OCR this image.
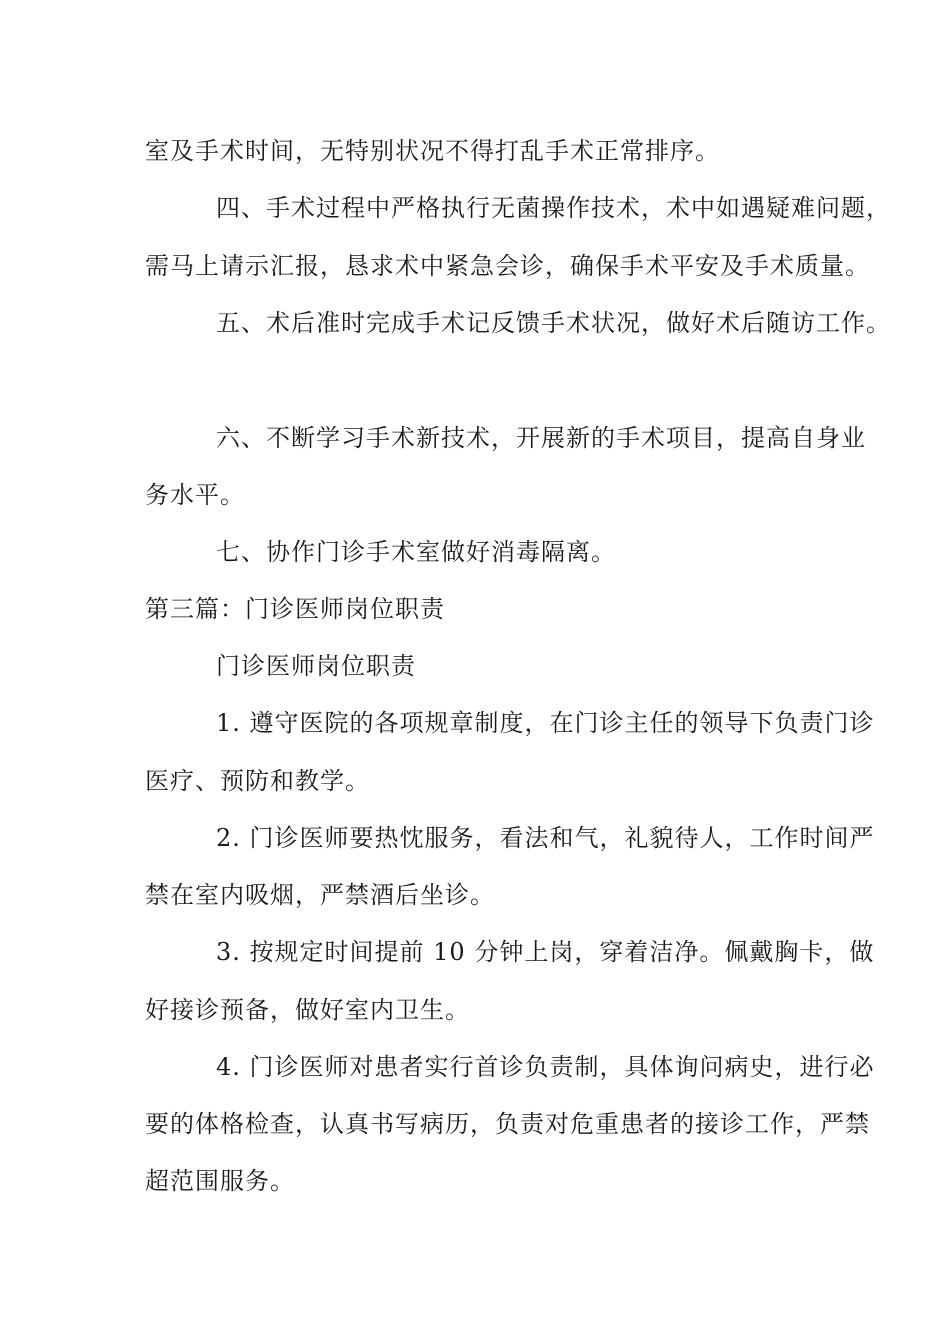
室及手术时间，无特别状况不得打乱手术正常排序。
四、手术过程中严格执行无菌操作技术，术中如遇疑难问题，
需马上请示汇报，恳求术中紧急会诊，确保手术平安及手术质量。
五、术后准时完成手术记反馈手术状况，做好术后随访工作。
六、不断学习手术新技术，开展新的手术项目，提高自身业
务水平。
七、协作门诊手术室做好消毒隔离。
第三篇：门诊医师岗位职责
门诊医师岗位职责
1. 遵守医院的各项规章制度，在门诊主任的领导下负责门诊
医疗、预防和教学。
2. 门诊医师要热忱服务，看法和气，礼貌待人，工作时间严
禁在室内吸烟，严禁酒后坐诊。
3. 按规定时间提前 10 分钟上岗，穿着洁净。佩戴胸卡，做
好接诊预备，做好室内卫生。
4. 门诊医师对患者实行首诊负责制，具体询问病史，进行必
要的体格检查，认真书写病历，负责对危重患者的接诊工作，严禁
超范围服务。
